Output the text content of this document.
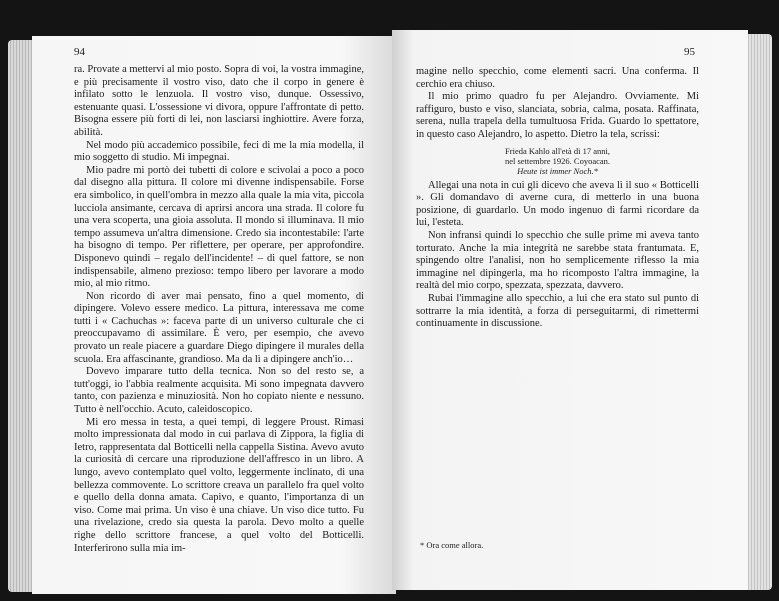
94	95

ra. Provate a mettervi al mio posto. Sopra di voi, la vostra immagine, e più precisamente il vostro viso, dato che il corpo in genere è infilato sotto le lenzuola. Il vostro viso, dunque. Ossessivo, estenuante quasi. L'ossessione vi divora, oppure l'affrontate di petto. Bisogna essere più forti di lei, non lasciarsi inghiottire. Avere forza, abilità.

Nel modo più accademico possibile, feci di me la mia modella, il mio soggetto di studio. Mi impegnai.

Mio padre mi portò dei tubetti di colore e scivolai a poco a poco dal disegno alla pittura. Il colore mi divenne indispensabile. Forse era simbolico, in quell'ombra in mezzo alla quale la mia vita, piccola lucciola ansimante, cercava di aprirsi ancora una strada. Il colore fu una vera scoperta, una gioia assoluta. Il mondo si illuminava. Il mio tempo assumeva un'altra dimensione. Credo sia incontestabile: l'arte ha bisogno di tempo. Per riflettere, per operare, per approfondire. Disponevo quindi – regalo dell'incidente! – di quel fattore, se non indispensabile, almeno prezioso: tempo libero per lavorare a modo mio, al mio ritmo.

Non ricordo di aver mai pensato, fino a quel momento, di dipingere. Volevo essere medico. La pittura, interessava me come tutti i « Cachuchas »: faceva parte di un universo culturale che ci preoccupavamo di assimilare. È vero, per esempio, che avevo provato un reale piacere a guardare Diego dipingere il murales della scuola. Era affascinante, grandioso. Ma da lì a dipingere anch'io…

Dovevo imparare tutto della tecnica. Non so del resto se, a tutt'oggi, io l'abbia realmente acquisita. Mi sono impegnata davvero tanto, con pazienza e minuziosità. Non ho copiato niente e nessuno. Tutto è nell'occhio. Acuto, caleidoscopico.

Mi ero messa in testa, a quei tempi, di leggere Proust. Rimasi molto impressionata dal modo in cui parlava di Zippora, la figlia di Ietro, rappresentata dal Botticelli nella cappella Sistina. Avevo avuto la curiosità di cercare una riproduzione dell'affresco in un libro. A lungo, avevo contemplato quel volto, leggermente inclinato, di una bellezza commovente. Lo scrittore creava un parallelo fra quel volto e quello della donna amata. Capivo, e quanto, l'importanza di un viso. Come mai prima. Un viso è una chiave. Un viso dice tutto. Fu una rivelazione, credo sia questa la parola. Devo molto a quelle righe dello scrittore francese, a quel volto del Botticelli. Interferirono sulla mia im-

magine nello specchio, come elementi sacri. Una conferma. Il cerchio era chiuso.

Il mio primo quadro fu per Alejandro. Ovviamente. Mi raffiguro, busto e viso, slanciata, sobria, calma, posata. Raffinata, serena, nulla trapela della tumultuosa Frida. Guardo lo spettatore, in questo caso Alejandro, lo aspetto. Dietro la tela, scrissi:

Frieda Kahlo all'età di 17 anni,
nel settembre 1926. Coyoacan.
Heute ist immer Noch.*

Allegai una nota in cui gli dicevo che aveva lì il suo « Botticelli ». Gli domandavo di averne cura, di metterlo in una buona posizione, di guardarlo. Un modo ingenuo di farmi ricordare da lui, l'esteta.

Non infransi quindi lo specchio che sulle prime mi aveva tanto torturato. Anche la mia integrità ne sarebbe stata frantumata. E, spingendo oltre l'analisi, non ho semplicemente riflesso la mia immagine nel dipingerla, ma ho ricomposto l'altra immagine, la realtà del mio corpo, spezzata, spezzata, davvero.

Rubai l'immagine allo specchio, a lui che era stato sul punto di sottrarre la mia identità, a forza di perseguitarmi, di rimettermi continuamente in discussione.

* Ora come allora.
